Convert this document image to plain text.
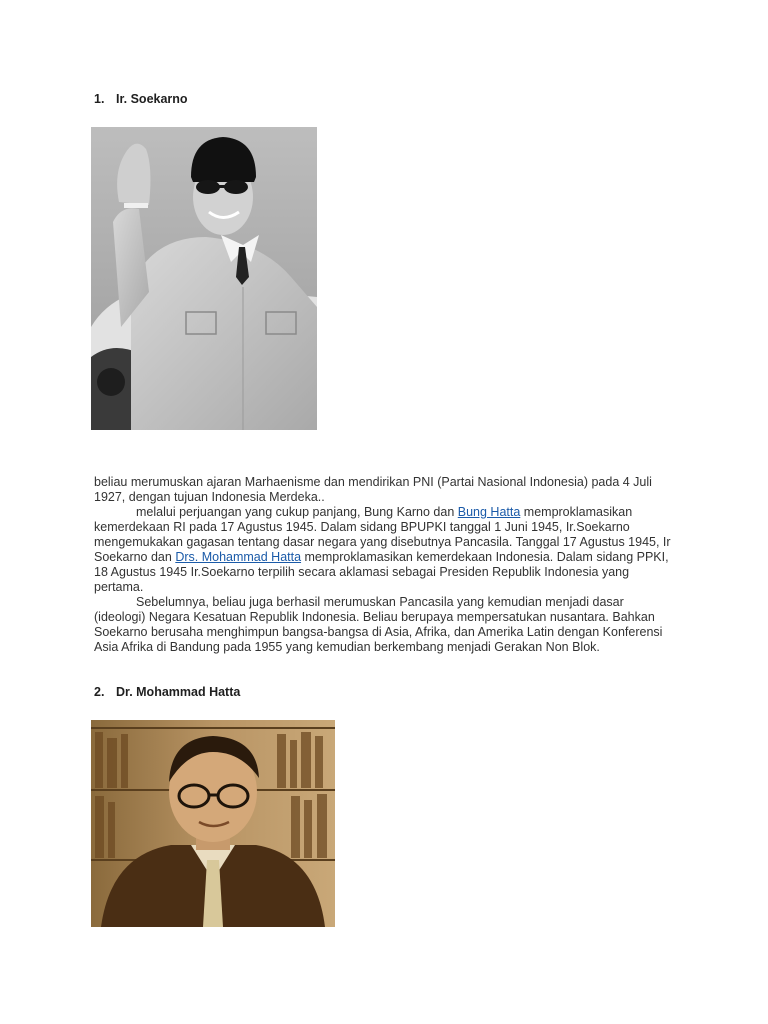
1. Ir. Soekarno
beliau merumuskan ajaran Marhaenisme dan mendirikan PNI (Partai Nasional Indonesia) pada 4 Juli
1927, dengan tujuan Indonesia Merdeka..
melalui perjuangan yang cukup panjang, Bung Karno dan Bung Hatta memproklamasikan
kemerdekaan RI pada 17 Agustus 1945. Dalam sidang BPUPKI tanggal 1 Juni 1945, Ir.Soekarno
mengemukakan gagasan tentang dasar negara yang disebutnya Pancasila. Tanggal 17 Agustus 1945, Ir
Soekarno dan Drs. Mohammad Hatta memproklamasikan kemerdekaan Indonesia. Dalam sidang PPKI,
18 Agustus 1945 Ir.Soekarno terpilih secara aklamasi sebagai Presiden Republik Indonesia yang
pertama.
Sebelumnya, beliau juga berhasil merumuskan Pancasila yang kemudian menjadi dasar
(ideologi) Negara Kesatuan Republik Indonesia. Beliau berupaya mempersatukan nusantara. Bahkan
Soekarno berusaha menghimpun bangsa-bangsa di Asia, Afrika, dan Amerika Latin dengan Konferensi
Asia Afrika di Bandung pada 1955 yang kemudian berkembang menjadi Gerakan Non Blok.
2. Dr. Mohammad Hatta
